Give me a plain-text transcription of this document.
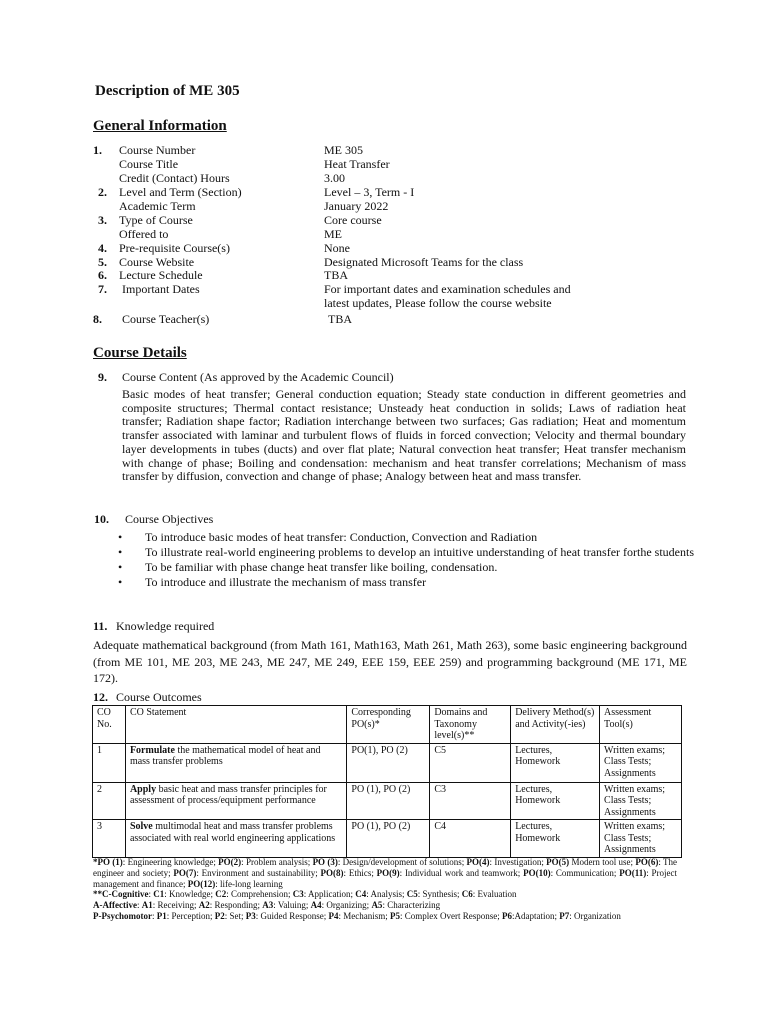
Description of ME 305
General Information
1. Course Number	ME 305
Course Title	Heat Transfer
Credit (Contact) Hours	3.00
2. Level and Term (Section)	Level – 3, Term - I
Academic Term	January 2022
3. Type of Course	Core course
Offered to	ME
4. Pre-requisite Course(s)	None
5. Course Website	Designated Microsoft Teams for the class
6. Lecture Schedule	TBA
7. Important Dates	For important dates and examination schedules and
latest updates, Please follow the course website
8. Course Teacher(s)	TBA
Course Details
9. Course Content (As approved by the Academic Council)
Basic modes of heat transfer; General conduction equation; Steady state conduction in different geometries and composite structures; Thermal contact resistance; Unsteady heat conduction in solids; Laws of radiation heat transfer; Radiation shape factor; Radiation interchange between two surfaces; Gas radiation; Heat and momentum transfer associated with laminar and turbulent flows of fluids in forced convection; Velocity and thermal boundary layer developments in tubes (ducts) and over flat plate; Natural convection heat transfer; Heat transfer mechanism with change of phase; Boiling and condensation: mechanism and heat transfer correlations; Mechanism of mass transfer by diffusion, convection and change of phase; Analogy between heat and mass transfer.
10. Course Objectives
• To introduce basic modes of heat transfer: Conduction, Convection and Radiation
• To illustrate real-world engineering problems to develop an intuitive understanding of heat transfer forthe students
• To be familiar with phase change heat transfer like boiling, condensation.
• To introduce and illustrate the mechanism of mass transfer
11. Knowledge required
Adequate mathematical background (from Math 161, Math163, Math 261, Math 263), some basic engineering background (from ME 101, ME 203, ME 243, ME 247, ME 249, EEE 159, EEE 259) and programming background (ME 171, ME 172).
12. Course Outcomes
CO No.	CO Statement	Corresponding PO(s)*	Domains and Taxonomy level(s)**	Delivery Method(s) and Activity(-ies)	Assessment Tool(s)
1	Formulate the mathematical model of heat and mass transfer problems	PO(1), PO (2)	C5	Lectures, Homework	Written exams; Class Tests; Assignments
2	Apply basic heat and mass transfer principles for assessment of process/equipment performance	PO (1), PO (2)	C3	Lectures, Homework	Written exams; Class Tests; Assignments
3	Solve multimodal heat and mass transfer problems associated with real world engineering applications	PO (1), PO (2)	C4	Lectures, Homework	Written exams; Class Tests; Assignments

*PO (1): Engineering knowledge; PO(2): Problem analysis; PO (3): Design/development of solutions; PO(4): Investigation; PO(5) Modern tool use; PO(6): The engineer and society; PO(7): Environment and sustainability; PO(8): Ethics; PO(9): Individual work and teamwork; PO(10): Communication; PO(11): Project management and finance; PO(12): life-long learning

**C-Cognitive: C1: Knowledge; C2: Comprehension; C3: Application; C4: Analysis; C5: Synthesis; C6: Evaluation

A-Affective: A1: Receiving; A2: Responding; A3: Valuing; A4: Organizing; A5: Characterizing

P-Psychomotor: P1: Perception; P2: Set; P3: Guided Response; P4: Mechanism; P5: Complex Overt Response; P6:Adaptation; P7: Organization
